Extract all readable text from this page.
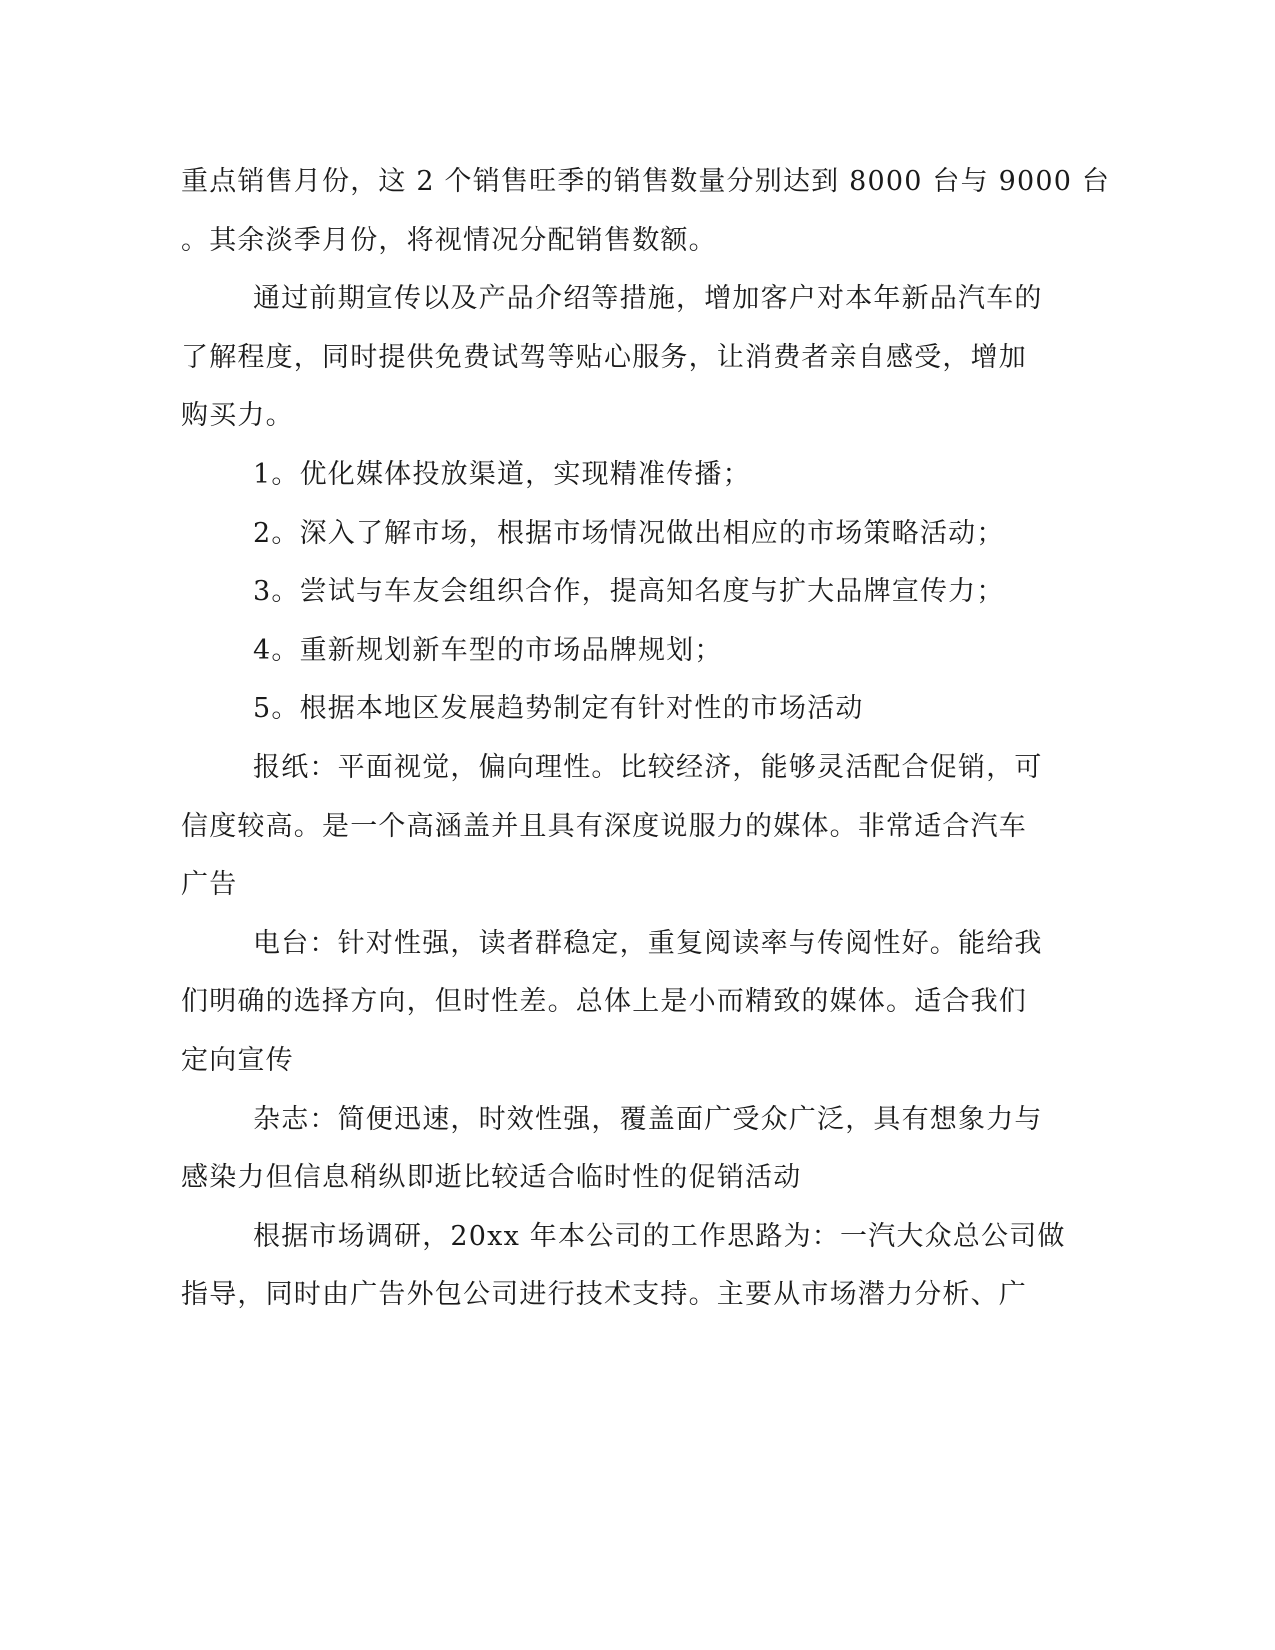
重点销售月份，这 2 个销售旺季的销售数量分别达到 8000 台与 9000 台
。其余淡季月份，将视情况分配销售数额。
通过前期宣传以及产品介绍等措施，增加客户对本年新品汽车的
了解程度，同时提供免费试驾等贴心服务，让消费者亲自感受，增加
购买力。
1。优化媒体投放渠道，实现精准传播；
2。深入了解市场，根据市场情况做出相应的市场策略活动；
3。尝试与车友会组织合作，提高知名度与扩大品牌宣传力；
4。重新规划新车型的市场品牌规划；
5。根据本地区发展趋势制定有针对性的市场活动
报纸：平面视觉，偏向理性。比较经济，能够灵活配合促销，可
信度较高。是一个高涵盖并且具有深度说服力的媒体。非常适合汽车
广告
电台：针对性强，读者群稳定，重复阅读率与传阅性好。能给我
们明确的选择方向，但时性差。总体上是小而精致的媒体。适合我们
定向宣传
杂志：简便迅速，时效性强，覆盖面广受众广泛，具有想象力与
感染力但信息稍纵即逝比较适合临时性的促销活动
根据市场调研，20xx 年本公司的工作思路为：一汽大众总公司做
指导，同时由广告外包公司进行技术支持。主要从市场潜力分析、广
